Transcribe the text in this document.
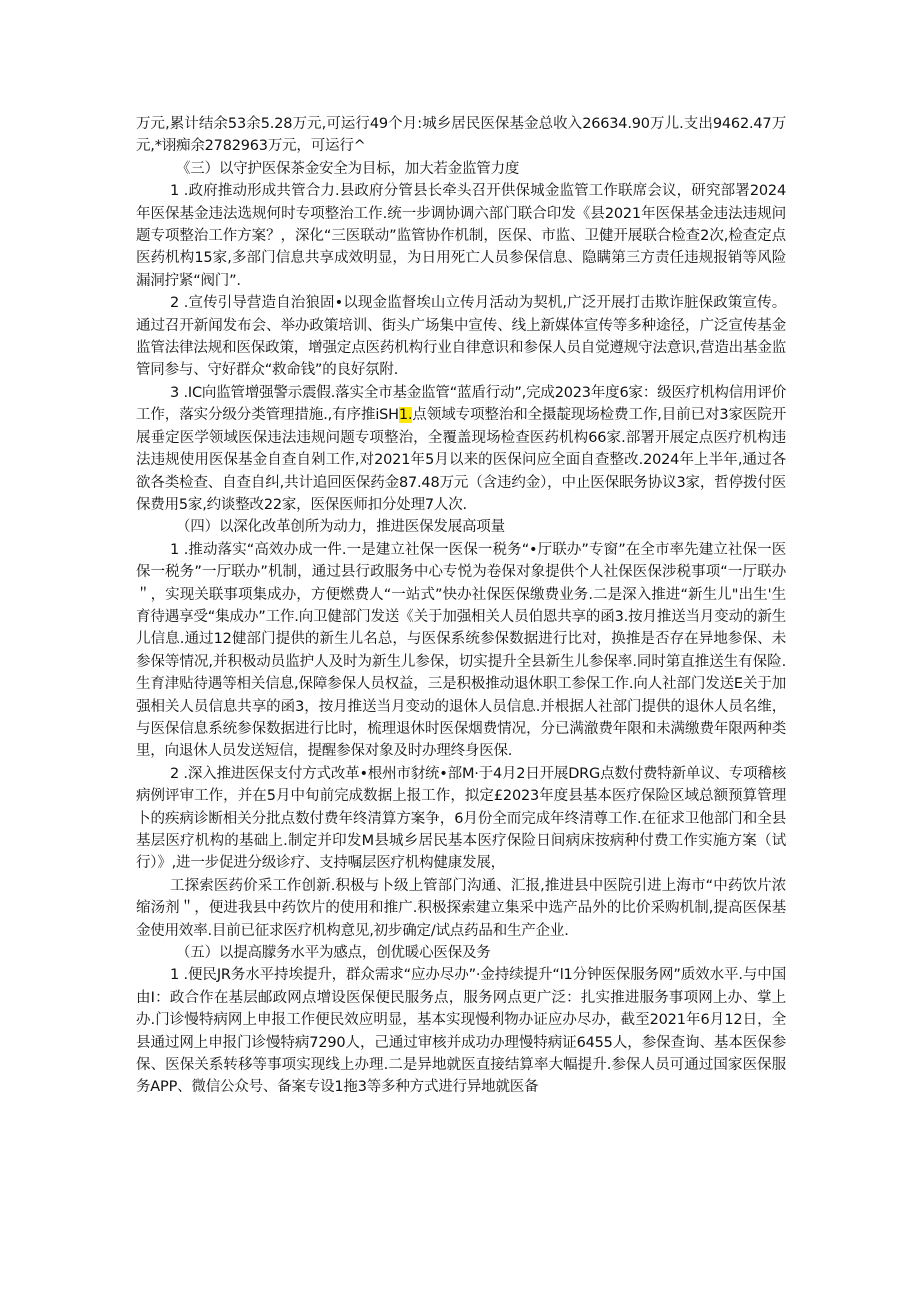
万元,累计结余53余5.28万元,可运行49个月:城乡居民医保基金总收入26634.90万儿.支出9462.47万元,*诩痴余2782963万元，可运行^

《三）以守护医保茶金安全为目标，加大若金监管力度

1 .政府推动形成共管合力.县政府分管县长牵头召开供保城金监管工作联席会议，研究部署2024年医保基金违法选规何时专项整治工作.统一步调协调六部门联合印发《县2021年医保基金违法违规问题专项整治工作方案？，深化“三医联动”监管协作机制，医保、市监、卫健开展联合检查2次,检查定点医药机构15家,多部门信息共享成效明显，为日用死亡人员参保信息、隐瞒第三方责任违规报销等风险漏洞拧紧“阀门”.

2 .宣传引导营造自治狼固•以现金监督埃山立传月活动为契机,广泛开展打击欺诈脏保政策宣传。通过召开新闻发布会、举办政策培训、街头广场集中宣传、线上新媒体宣传等多种途径，广泛宣传基金监管法律法规和医保政策，增强定点医药机构行业自律意识和参保人员自觉遵规守法意识,营造出基金监管同参与、守好群众“救命钱”的良好氛附.

3 .IC向监管增强警示震假.落实全市基金监管“蓝盾行动”,完成2023年度6家：级医疗机构信用评价工作，落实分级分类管理措施.,有序推iSH1.点领域专项整治和全摄靛现场检费工作,目前已对3家医院开展垂定医学领域医保违法违规问题专项整治，全覆盖现场检查医药机构66家.部署开展定点医疗机构违法违规使用医保基金自查自剁工作,对2021年5月以来的医保问应全面自查整改.2024年上半年,通过各欲各类检查、自查自纠,共计追回医保药金87.48万元（含违约金），中止医保眠务协议3家，哲停拨付医保费用5家,约谈整改22家，医保医师扣分处理7人次.

（四）以深化改革创所为动力，推进医保发展高项量

1 .推动落实“高效办成一件.一是建立社保一医保一税务“•厅联办”专窗”在全市率先建立社保一医保一税务”一厅联办”机制，通过县行政服务中心专悦为卷保对象提供个人社保医保涉税事项“一厅联办＂，实现关联事项集成办，方便燃费人“一站式”快办社保医保缴费业务.二是深入推进“新生儿"出生'生育待遇享受“集成办”工作.向卫健部门发送《关于加强相关人员伯恩共享的函3.按月推送当月变动的新生儿信息.通过12健部门提供的新生儿名总，与医保系统参保数据进行比对，换推是否存在异地参保、未参保等情况,并积极动员监护人及时为新生儿参保，切实提升全县新生儿参保率.同时第直推送生有保险.生育津贴待遇等相关信息,保障参保人员权益，三是积极推动退休职工参保工作.向人社部门发送E关于加强相关人员信息共享的函3，按月推送当月变动的退休人员信息.并根据人社部门提供的退休人员名维，与医保信息系统参保数据进行比时，梳理退休时医保烟费情况，分已满澈费年限和未满缴费年限两种类里，向退休人员发送短信，提醒参保对象及时办理终身医保.

2 .深入推进医保支付方式改革•根州市豺统•部M·于4月2日开展DRG点数付费特新单议、专项稽核病例评审工作，并在5月中旬前完成数据上报工作，拟定£2023年度县基本医疗保险区域总额预算管理卜的疾病诊断相关分批点数付费年终清算方案争，6月份全而完成年终清尊工作.在征求卫他部门和全县基层医疗机构的基础上.制定并印发M县城乡居民基本医疗保险日间病床按病种付费工作实施方案（试行）》,进一步促进分级诊疗、支持嘱层医疗机构健康发展，

工探索医药价采工作创新.积极与卜级上管部门沟通、汇报,推进县中医院引进上海市“中药饮片浓缩汤剂＂，便进我县中药饮片的使用和推广.积极探索建立集采中选产品外的比价采购机制,提高医保基金使用效率.目前已征求医疗机构意见,初步确定/试点药品和生产企业.

（五）以提高朦务水平为感点，创优暖心医保及务

1 .便民JR务水平持埃提升，群众需求“应办尽办”·金持续提升“l1分钟医保服务网”质效水平.与中国由I：政合作在基层邮政网点增设医保便民服务点，服务网点更广泛：扎实推进服务事项网上办、掌上办.门诊慢特病网上申报工作便民效应明显，基本实现慢利物办证应办尽办，截至2021年6月12日，全县通过网上申报门诊慢特病7290人，己通过审核并成功办理慢特病证6455人，参保查询、基本医保参保、医保关系转移等事项实现线上办理.二是异地就医直接结算率大幅提升.参保人员可通过国家医保服务APP、微信公众号、备案专设1拖3等多种方式进行异地就医备
